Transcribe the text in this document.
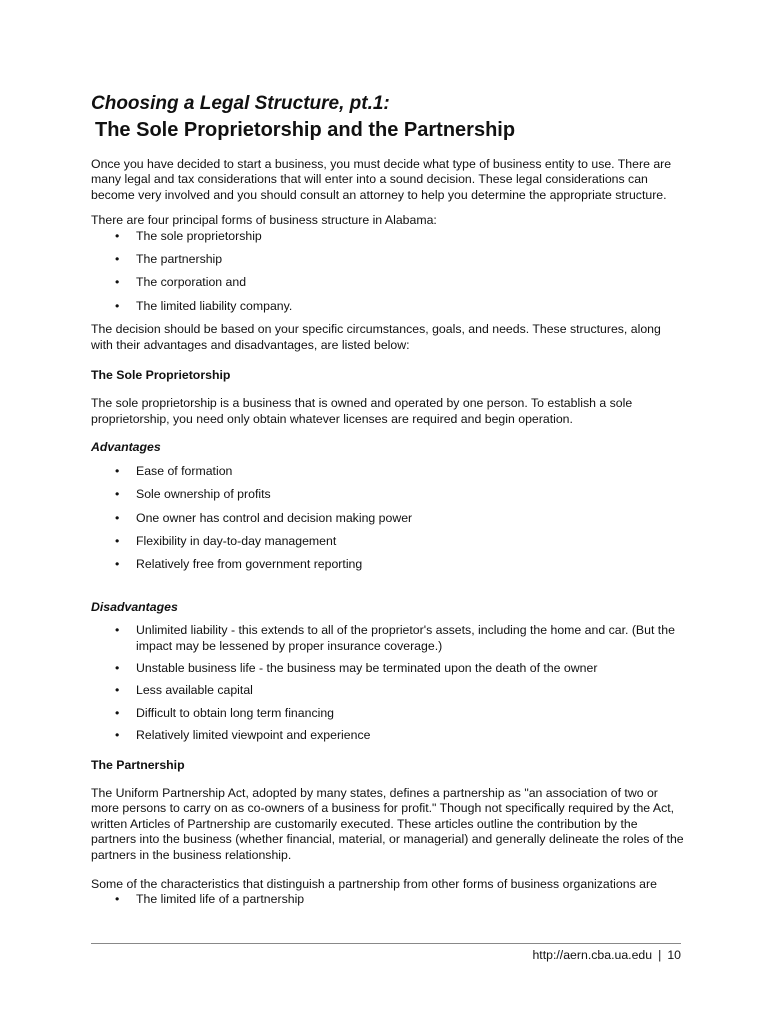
Choosing a Legal Structure, pt.1:
The Sole Proprietorship and the Partnership

Once you have decided to start a business, you must decide what type of business entity to use. There are many legal and tax considerations that will enter into a sound decision. These legal considerations can become very involved and you should consult an attorney to help you determine the appropriate structure.

There are four principal forms of business structure in Alabama:

• The sole proprietorship
• The partnership
• The corporation and
• The limited liability company.

The decision should be based on your specific circumstances, goals, and needs. These structures, along with their advantages and disadvantages, are listed below:

The Sole Proprietorship

The sole proprietorship is a business that is owned and operated by one person. To establish a sole proprietorship, you need only obtain whatever licenses are required and begin operation.

Advantages
• Ease of formation
• Sole ownership of profits
• One owner has control and decision making power
• Flexibility in day-to-day management
• Relatively free from government reporting
Disadvantages
• Unlimited liability - this extends to all of the proprietor's assets, including the home and car. (But the impact may be lessened by proper insurance coverage.)
• Unstable business life - the business may be terminated upon the death of the owner
• Less available capital
• Difficult to obtain long term financing
• Relatively limited viewpoint and experience
The Partnership

The Uniform Partnership Act, adopted by many states, defines a partnership as "an association of two or more persons to carry on as co-owners of a business for profit." Though not specifically required by the Act, written Articles of Partnership are customarily executed. These articles outline the contribution by the partners into the business (whether financial, material, or managerial) and generally delineate the roles of the partners in the business relationship.

Some of the characteristics that distinguish a partnership from other forms of business organizations are

• The limited life of a partnership
http://aern.cba.ua.edu | 10
